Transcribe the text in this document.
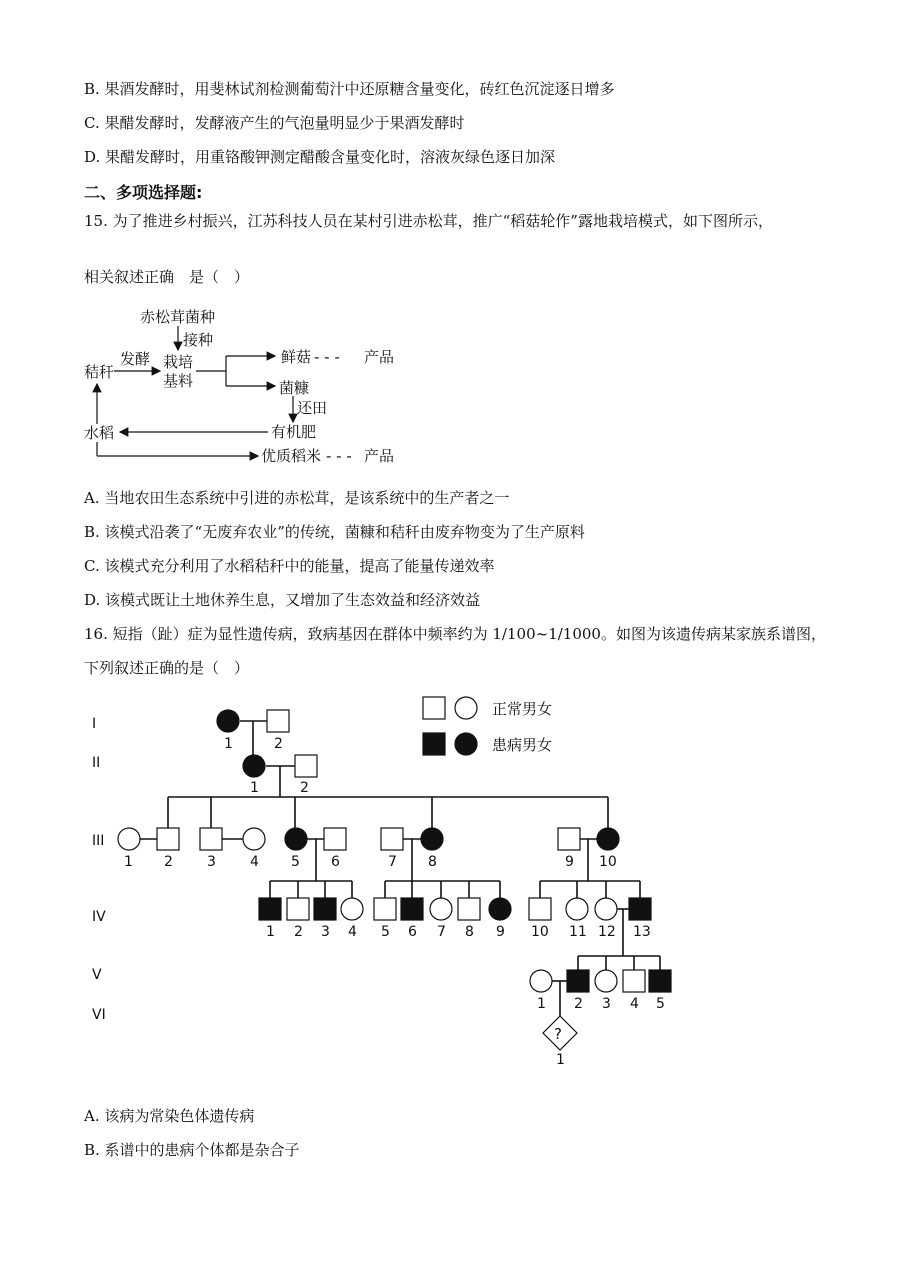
B. 果酒发酵时，用斐林试剂检测葡萄汁中还原糖含量变化，砖红色沉淀逐日增多
C. 果醋发酵时，发酵液产生的气泡量明显少于果酒发酵时
D. 果醋发酵时，用重铬酸钾测定醋酸含量变化时，溶液灰绿色逐日加深
二、多项选择题:
15. 为了推进乡村振兴，江苏科技人员在某村引进赤松茸，推广“稻菇轮作”露地栽培模式，如下图所示，
相关叙述正确　是（　）
赤松茸菌种
接种
秸秆
发酵 栽培
基料
鲜菇 - - - 产品
菌糠
还田
有机肥
水稻
优质稻米 - - - 产品
A. 当地农田生态系统中引进的赤松茸，是该系统中的生产者之一
B. 该模式沿袭了“无废弃农业”的传统，菌糠和秸秆由废弃物变为了生产原料
C. 该模式充分利用了水稻秸秆中的能量，提高了能量传递效率
D. 该模式既让土地休养生息，又增加了生态效益和经济效益
16. 短指（趾）症为显性遗传病，致病基因在群体中频率约为 1/100~1/1000。如图为该遗传病某家族系谱图，
下列叙述正确的是（　）
I
II
III
IV
V
VI
正常男女
患病男女
?
1	2
1	2
1 2 3 4 5 6	7 8	9 10
1 2 3 4 5 6 7 8 9 10 11 12 13
1 2 3 4 5
1
A. 该病为常染色体遗传病
B. 系谱中的患病个体都是杂合子
